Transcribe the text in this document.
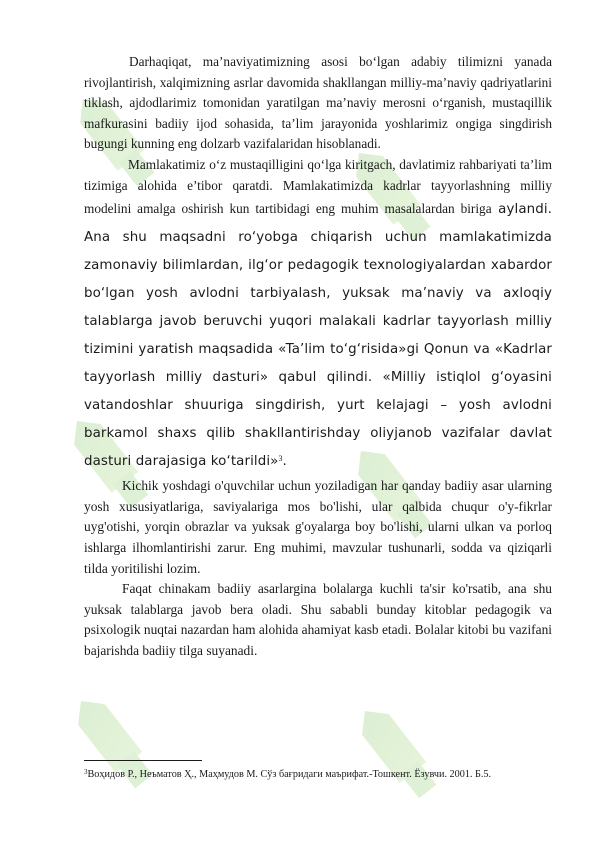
Darhaqiqat, ma’naviyatimizning asosi bo‘lgan adabiy tilimizni yanada rivojlantirish, xalqimizning asrlar davomida shakllangan milliy-ma’naviy qadriyatlarini tiklash, ajdodlarimiz tomonidan yaratilgan ma’naviy merosni o‘rganish, mustaqillik mafkurasini badiiy ijod sohasida, ta’lim jarayonida yoshlarimiz ongiga singdirish bugungi kunning eng dolzarb vazifalaridan hisoblanadi.

Mamlakatimiz o‘z mustaqilligini qo‘lga kiritgach, davlatimiz rahbariyati ta’lim tizimiga alohida e’tibor qaratdi. Mamlakatimizda kadrlar tayyorlashning milliy modelini amalga oshirish kun tartibidagi eng muhim masalalardan biriga aylandi. Ana shu maqsadni ro‘yobga chiqarish uchun mamlakatimizda zamonaviy bilimlardan, ilg‘or pedagogik texnologiyalardan xabardor bo‘lgan yosh avlodni tarbiyalash, yuksak ma’naviy va axloqiy talablarga javob beruvchi yuqori malakali kadrlar tayyorlash milliy tizimini yaratish maqsadida «Ta’lim to‘g‘risida»gi Qonun va «Kadrlar tayyorlash milliy dasturi» qabul qilindi. «Milliy istiqlol g‘oyasini vatandoshlar shuuriga singdirish, yurt kelajagi – yosh avlodni barkamol shaxs qilib shakllantirishday oliyjanob vazifalar davlat dasturi darajasiga ko‘tarildi»$^3$.

Kichik yoshdagi o'quvchilar uchun yoziladigan har qanday badiiy asar ularning yosh xususiyatlariga, saviyalariga mos bo'lishi, ular qalbida chuqur o'y-fikrlar uyg'otishi, yorqin obrazlar va yuksak g'oyalarga boy bo'lishi, ularni ulkan va porloq ishlarga ilhomlantirishi zarur. Eng muhimi, mavzular tushunarli, sodda va qiziqarli tilda yoritilishi lozim.

Faqat chinakam badiiy asarlargina bolalarga kuchli ta'sir ko'rsatib, ana shu yuksak talablarga javob bera oladi. Shu sababli bunday kitoblar pedagogik va psixologik nuqtai nazardan ham alohida ahamiyat kasb etadi. Bolalar kitobi bu vazifani bajarishda badiiy tilga suyanadi.

$^3$Воҳидов Р., Неъматов Ҳ., Маҳмудов М. Сўз бағридаги маърифат.-Тошкент. Ёзувчи. 2001. Б.5.
